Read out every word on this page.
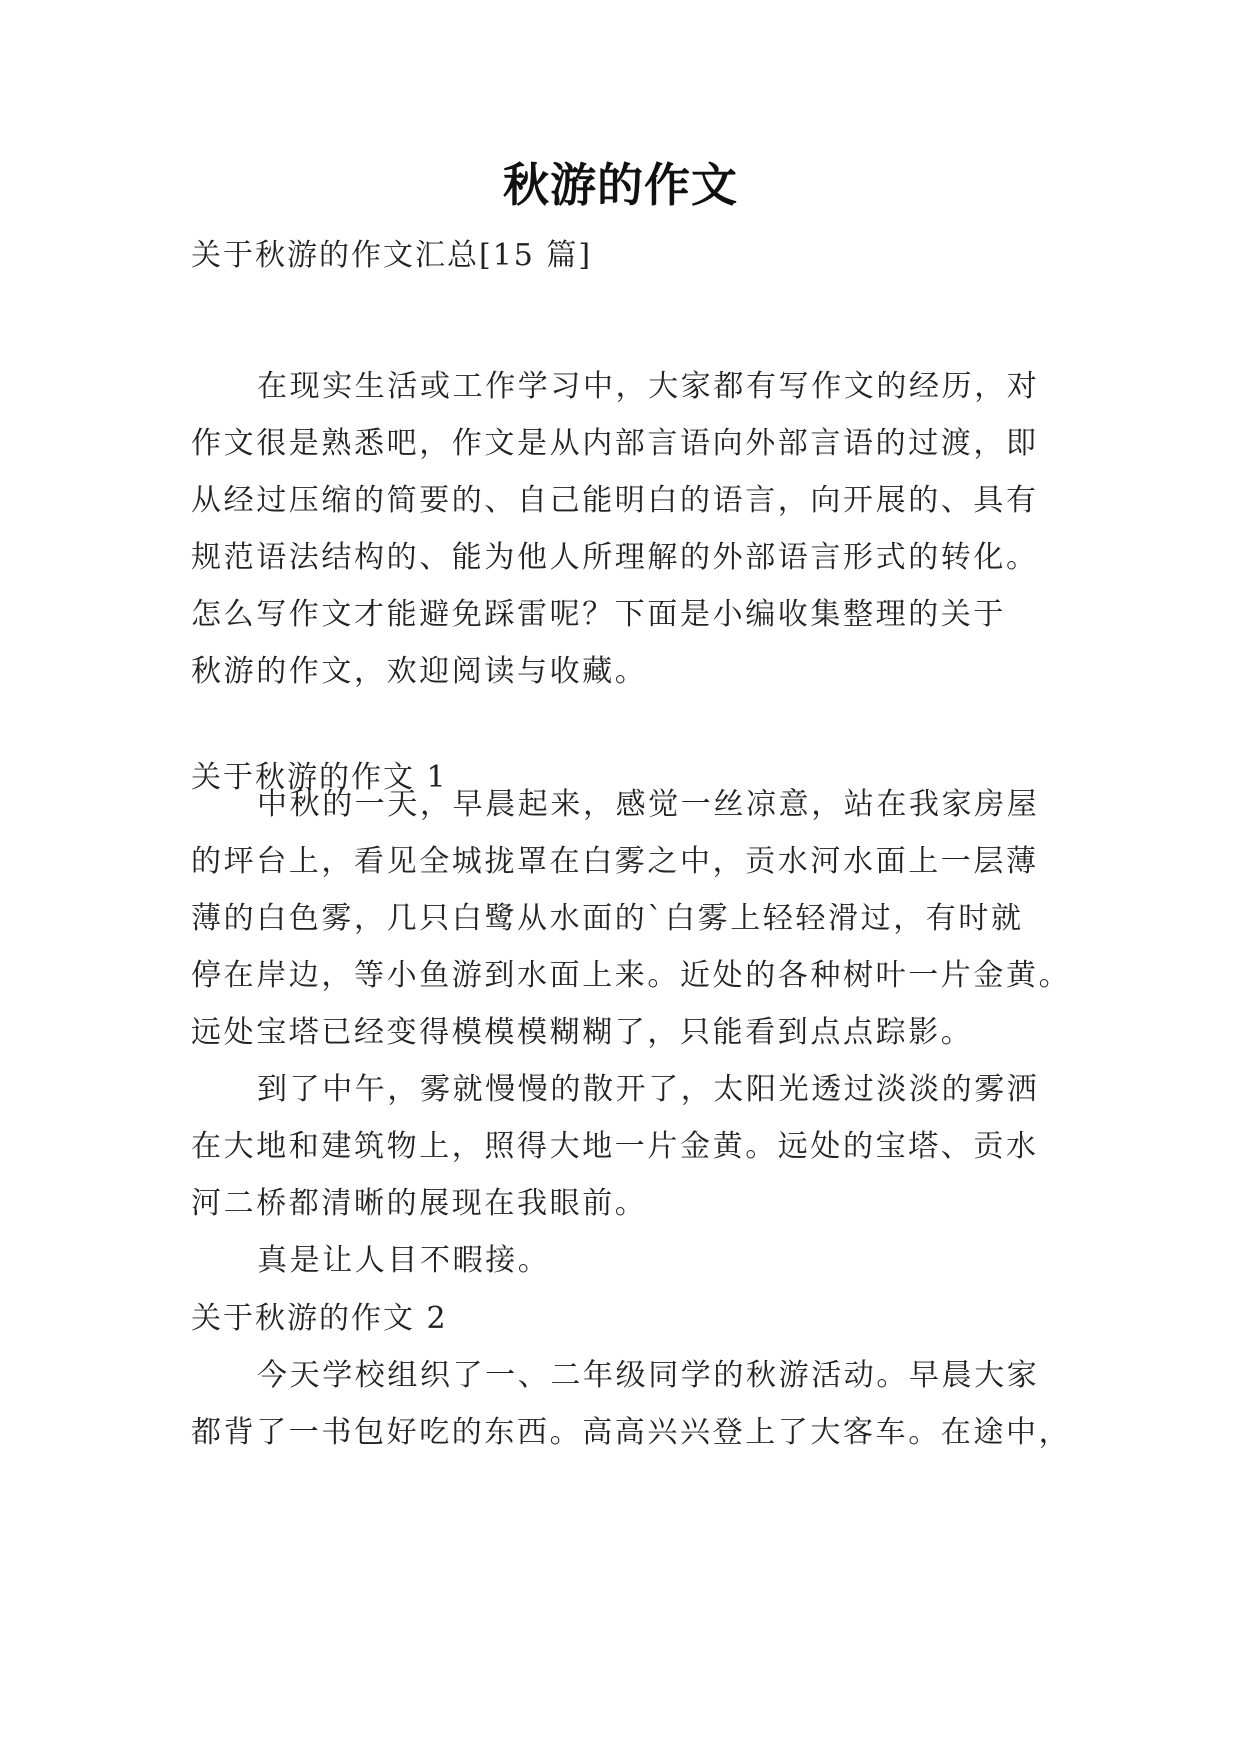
秋游的作文

关于秋游的作文汇总[15 篇]

在现实生活或工作学习中，大家都有写作文的经历，对
作文很是熟悉吧，作文是从内部言语向外部言语的过渡，即
从经过压缩的简要的、自己能明白的语言，向开展的、具有
规范语法结构的、能为他人所理解的外部语言形式的转化。
怎么写作文才能避免踩雷呢？下面是小编收集整理的关于
秋游的作文，欢迎阅读与收藏。

关于秋游的作文 1

中秋的一天，早晨起来，感觉一丝凉意，站在我家房屋
的坪台上，看见全城拢罩在白雾之中，贡水河水面上一层薄
薄的白色雾，几只白鹭从水面的`白雾上轻轻滑过，有时就
停在岸边，等小鱼游到水面上来。近处的各种树叶一片金黄。
远处宝塔已经变得模模模糊糊了，只能看到点点踪影。
到了中午，雾就慢慢的散开了，太阳光透过淡淡的雾洒
在大地和建筑物上，照得大地一片金黄。远处的宝塔、贡水
河二桥都清晰的展现在我眼前。
真是让人目不暇接。

关于秋游的作文 2

今天学校组织了一、二年级同学的秋游活动。早晨大家
都背了一书包好吃的东西。高高兴兴登上了大客车。在途中，
